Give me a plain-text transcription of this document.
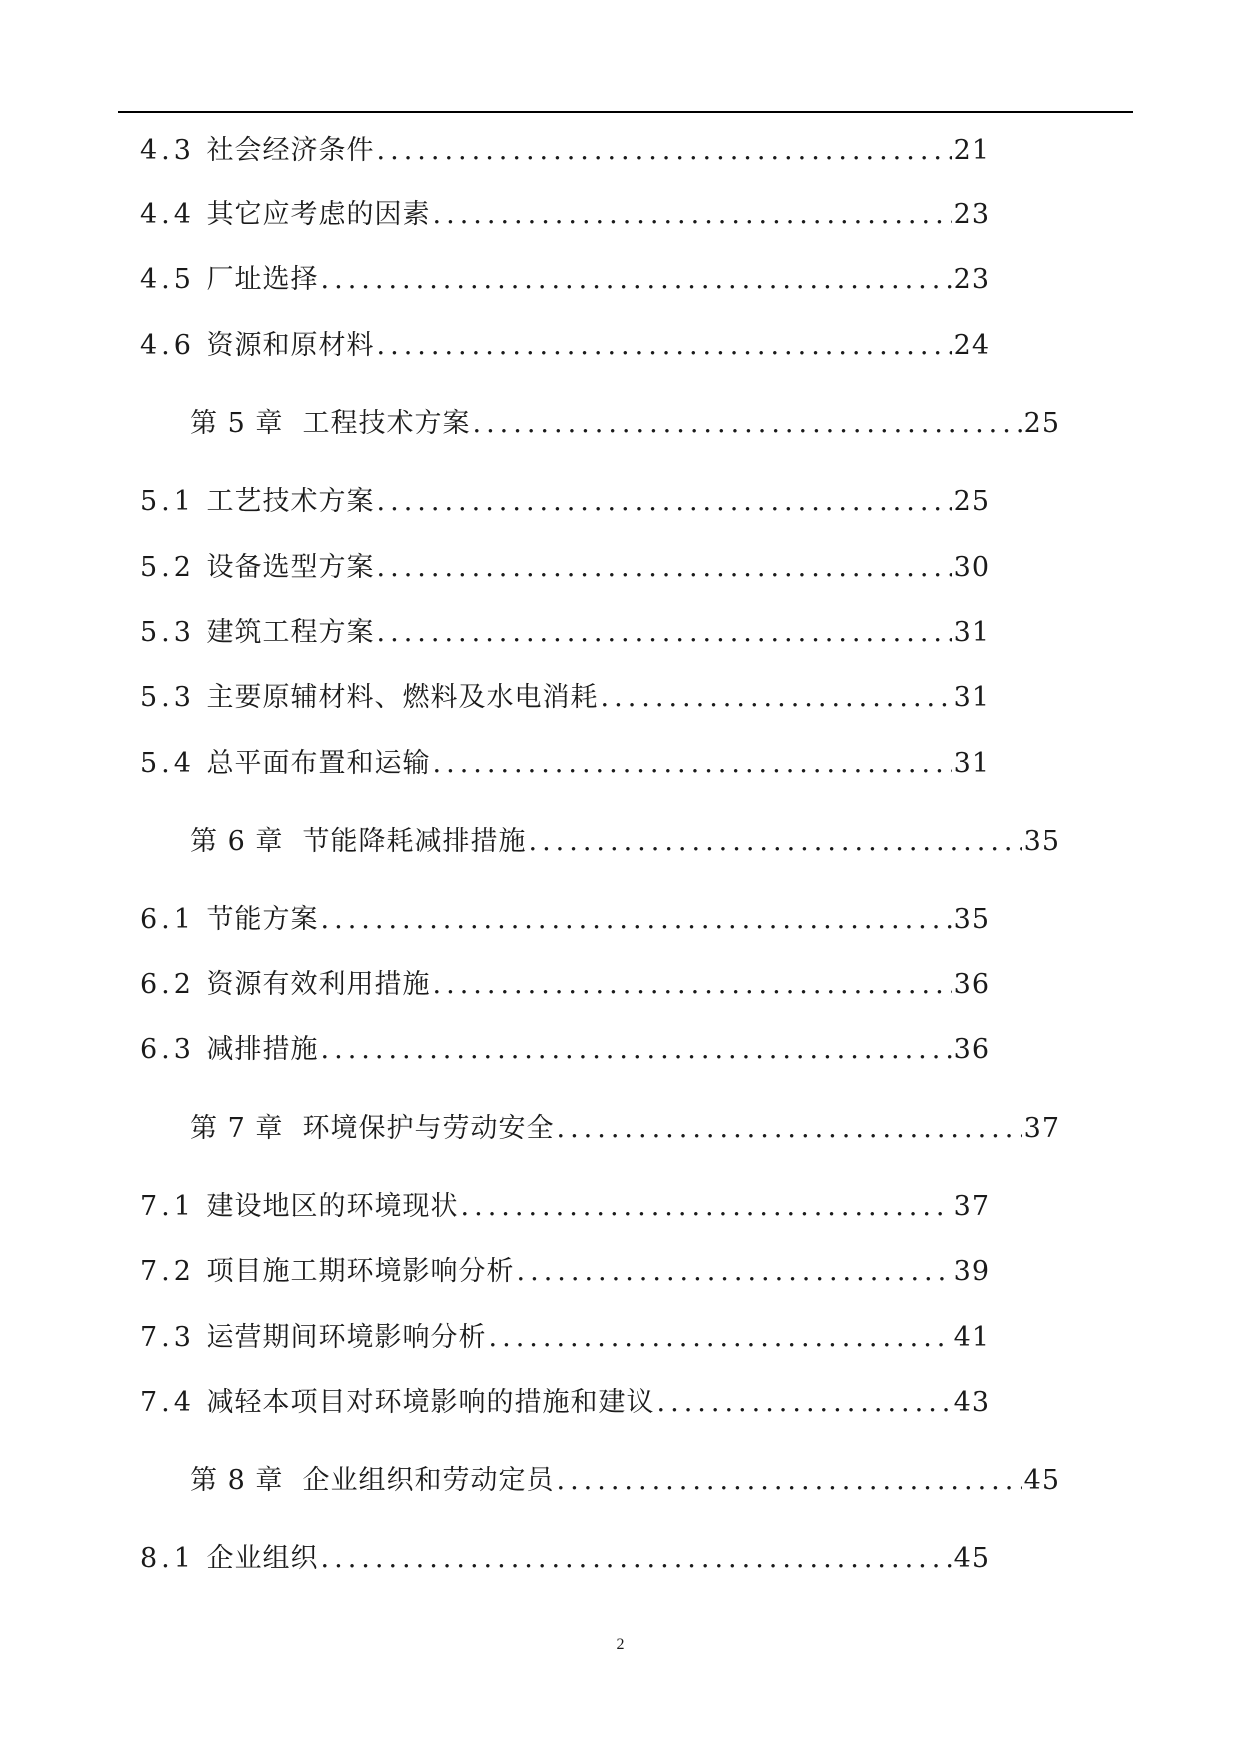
4.3 社会经济条件 .....	21
4.4 其它应考虑的因素 .....	23
4.5 厂址选择 .....	23
4.6 资源和原材料 .....	24
第 5 章 工程技术方案 .....	25
5.1 工艺技术方案 .....	25
5.2 设备选型方案 .....	30
5.3 建筑工程方案 .....	31
5.3 主要原辅材料、燃料及水电消耗 .....	31
5.4 总平面布置和运输 .....	31
第 6 章 节能降耗减排措施 .....	35
6.1 节能方案 .....	35
6.2 资源有效利用措施 .....	36
6.3 减排措施 .....	36
第 7 章 环境保护与劳动安全 .....	37
7.1 建设地区的环境现状 .....	37
7.2 项目施工期环境影响分析 .....	39
7.3 运营期间环境影响分析 .....	41
7.4 减轻本项目对环境影响的措施和建议 .....	43
第 8 章 企业组织和劳动定员 .....	45
8.1 企业组织 .....	45
2
